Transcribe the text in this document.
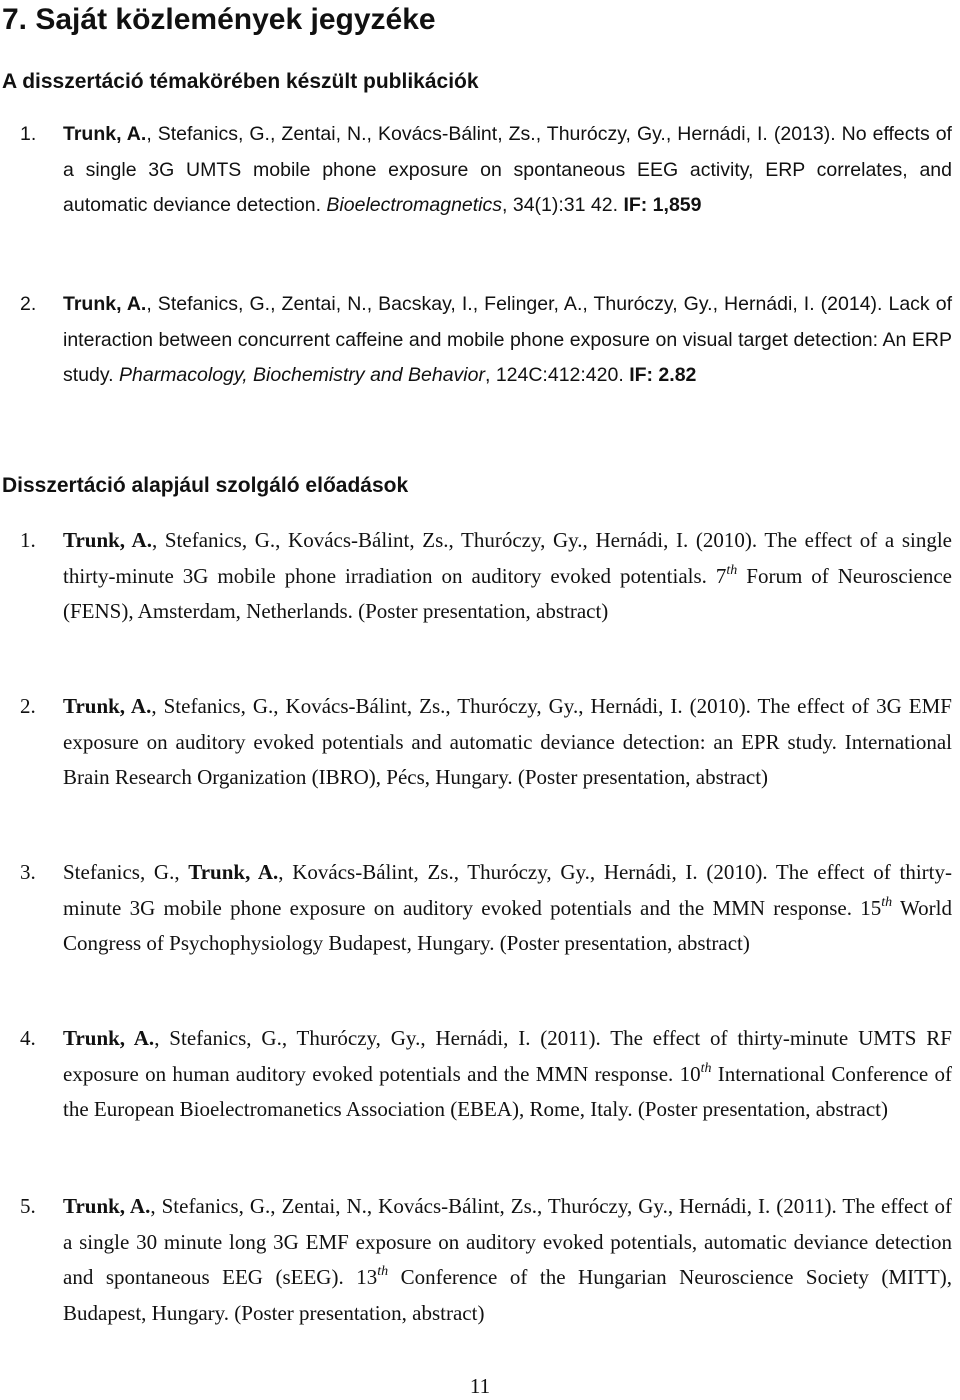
7. Saját közlemények jegyzéke
A disszertáció témakörében készült publikációk
1.	Trunk, A., Stefanics, G., Zentai, N., Kovács-Bálint, Zs., Thuróczy, Gy., Hernádi, I. (2013). No effects of a single 3G UMTS mobile phone exposure on spontaneous EEG activity, ERP correlates, and automatic deviance detection. Bioelectromagnetics, 34(1):31 42. IF: 1,859
2.	Trunk, A., Stefanics, G., Zentai, N., Bacskay, I., Felinger, A., Thuróczy, Gy., Hernádi, I. (2014). Lack of interaction between concurrent caffeine and mobile phone exposure on visual target detection: An ERP study. Pharmacology, Biochemistry and Behavior, 124C:412:420. IF: 2.82
Disszertáció alapjául szolgáló előadások
1.	Trunk, A., Stefanics, G., Kovács-Bálint, Zs., Thuróczy, Gy., Hernádi, I. (2010). The effect of a single thirty-minute 3G mobile phone irradiation on auditory evoked potentials. 7th Forum of Neuroscience (FENS), Amsterdam, Netherlands. (Poster presentation, abstract)
2.	Trunk, A., Stefanics, G., Kovács-Bálint, Zs., Thuróczy, Gy., Hernádi, I. (2010). The effect of 3G EMF exposure on auditory evoked potentials and automatic deviance detection: an EPR study. International Brain Research Organization (IBRO), Pécs, Hungary. (Poster presentation, abstract)
3.	Stefanics, G., Trunk, A., Kovács-Bálint, Zs., Thuróczy, Gy., Hernádi, I. (2010). The effect of thirty-minute 3G mobile phone exposure on auditory evoked potentials and the MMN response. 15th World Congress of Psychophysiology Budapest, Hungary. (Poster presentation, abstract)
4.	Trunk, A., Stefanics, G., Thuróczy, Gy., Hernádi, I. (2011). The effect of thirty-minute UMTS RF exposure on human auditory evoked potentials and the MMN response. 10th International Conference of the European Bioelectromanetics Association (EBEA), Rome, Italy. (Poster presentation, abstract)
5.	Trunk, A., Stefanics, G., Zentai, N., Kovács-Bálint, Zs., Thuróczy, Gy., Hernádi, I. (2011). The effect of a single 30 minute long 3G EMF exposure on auditory evoked potentials, automatic deviance detection and spontaneous EEG (sEEG). 13th Conference of the Hungarian Neuroscience Society (MITT), Budapest, Hungary. (Poster presentation, abstract)
11
